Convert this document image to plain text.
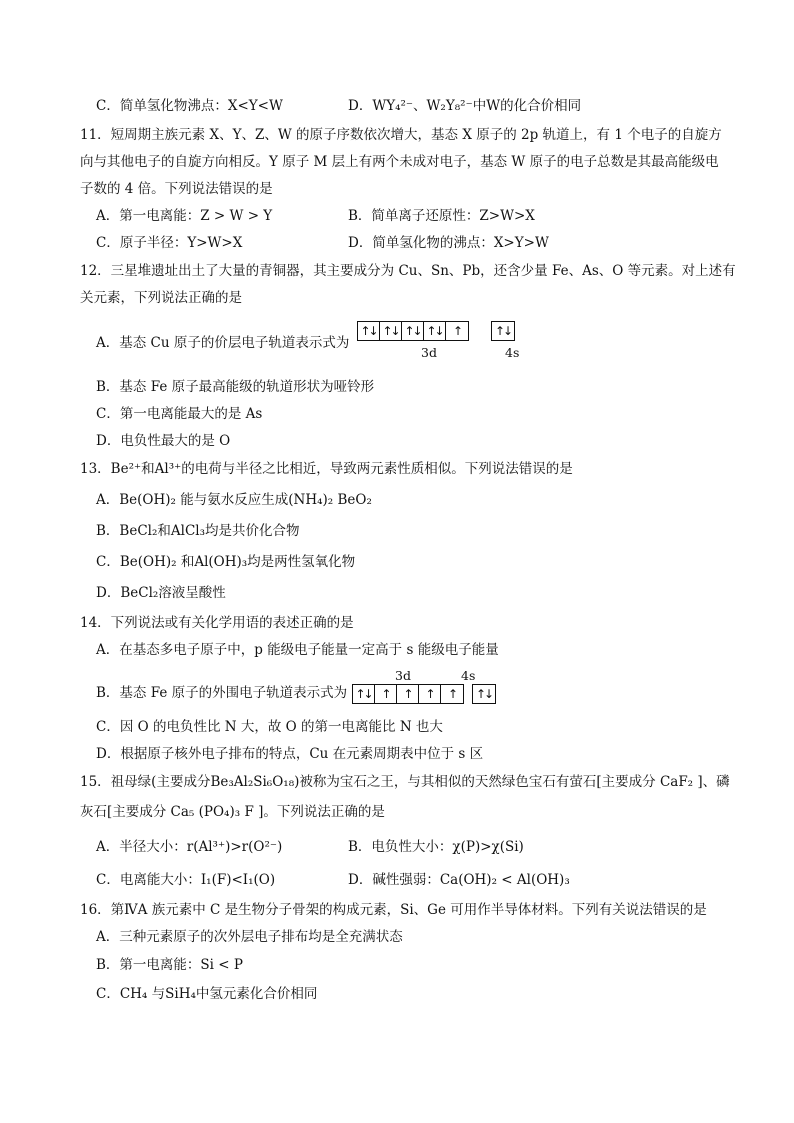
C．简单氢化物沸点：X<Y<W	D．WY₄²⁻、W₂Y₈²⁻中W的化合价相同
11．短周期主族元素 X、Y、Z、W 的原子序数依次增大，基态 X 原子的 2p 轨道上，有 1 个电子的自旋方
向与其他电子的自旋方向相反。Y 原子 M 层上有两个未成对电子，基态 W 原子的电子总数是其最高能级电
子数的 4 倍。下列说法错误的是
A．第一电离能：Z > W > Y	B．简单离子还原性：Z>W>X
C．原子半径：Y>W>X	D．简单氢化物的沸点：X>Y>W
12．三星堆遗址出土了大量的青铜器，其主要成分为 Cu、Sn、Pb，还含少量 Fe、As、O 等元素。对上述有
关元素，下列说法正确的是
A．基态 Cu 原子的价层电子轨道表示式为
↑↓ ↑↓ ↑↓ ↑↓ ↑	↑↓
3d	4s
B．基态 Fe 原子最高能级的轨道形状为哑铃形
C．第一电离能最大的是 As
D．电负性最大的是 O
13．Be²⁺和Al³⁺的电荷与半径之比相近，导致两元素性质相似。下列说法错误的是
A．Be(OH)₂ 能与氨水反应生成(NH₄)₂ BeO₂
B．BeCl₂和AlCl₃均是共价化合物
C．Be(OH)₂ 和Al(OH)₃均是两性氢氧化物
D．BeCl₂溶液呈酸性
14．下列说法或有关化学用语的表述正确的是
A．在基态多电子原子中，p 能级电子能量一定高于 s 能级电子能量
3d	4s
B．基态 Fe 原子的外围电子轨道表示式为 ↑↓ ↑	↑	↑	↑	↑↓
C．因 O 的电负性比 N 大，故 O 的第一电离能比 N 也大
D．根据原子核外电子排布的特点，Cu 在元素周期表中位于 s 区
15．祖母绿(主要成分Be₃Al₂Si₆O₁₈)被称为宝石之王，与其相似的天然绿色宝石有萤石[主要成分 CaF₂ ]、磷
灰石[主要成分 Ca₅ (PO₄)₃ F ]。下列说法正确的是
A．半径大小：r(Al³⁺)>r(O²⁻)	B．电负性大小：χ(P)>χ(Si)
C．电离能大小：I₁(F)<I₁(O)	D．碱性强弱：Ca(OH)₂ < Al(OH)₃
16．第ⅣA 族元素中 C 是生物分子骨架的构成元素，Si、Ge 可用作半导体材料。下列有关说法错误的是
A．三种元素原子的次外层电子排布均是全充满状态
B．第一电离能：Si < P
C．CH₄ 与SiH₄中氢元素化合价相同
